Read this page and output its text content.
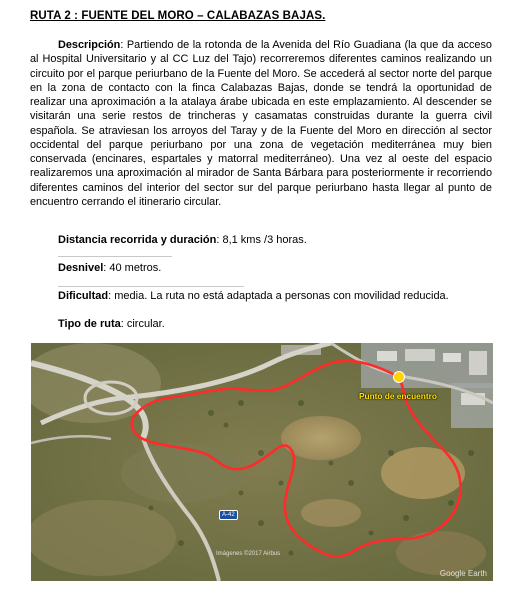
RUTA 2 : FUENTE DEL MORO – CALABAZAS BAJAS.

Descripción: Partiendo de la rotonda de la Avenida del Río Guadiana (la que da acceso al Hospital Universitario y al CC Luz del Tajo) recorreremos diferentes caminos realizando un circuito por el parque periurbano de la Fuente del Moro. Se accederá al sector norte del parque en la zona de contacto con la finca Calabazas Bajas, donde se tendrá la oportunidad de realizar una aproximación a la atalaya árabe ubicada en este emplazamiento. Al descender se visitarán una serie restos de trincheras y casamatas construidas durante la guerra civil española. Se atraviesan los arroyos del Taray y de la Fuente del Moro en dirección al sector occidental del parque periurbano por una zona de vegetación mediterránea muy bien conservada (encinares, espartales y matorral mediterráneo). Una vez al oeste del espacio realizaremos una aproximación al mirador de Santa Bárbara para posteriormente ir recorriendo diferentes caminos del interior del sector sur del parque periurbano hasta llegar al punto de encuentro cerrando el itinerario circular.

Distancia recorrida y duración: 8,1 kms /3 horas.
Desnivel: 40 metros.
Dificultad: media. La ruta no está adaptada a personas con movilidad reducida.
Tipo de ruta: circular.
Punto de encuentro
A-42
Imágenes ©2017 Airbus
Google Earth
